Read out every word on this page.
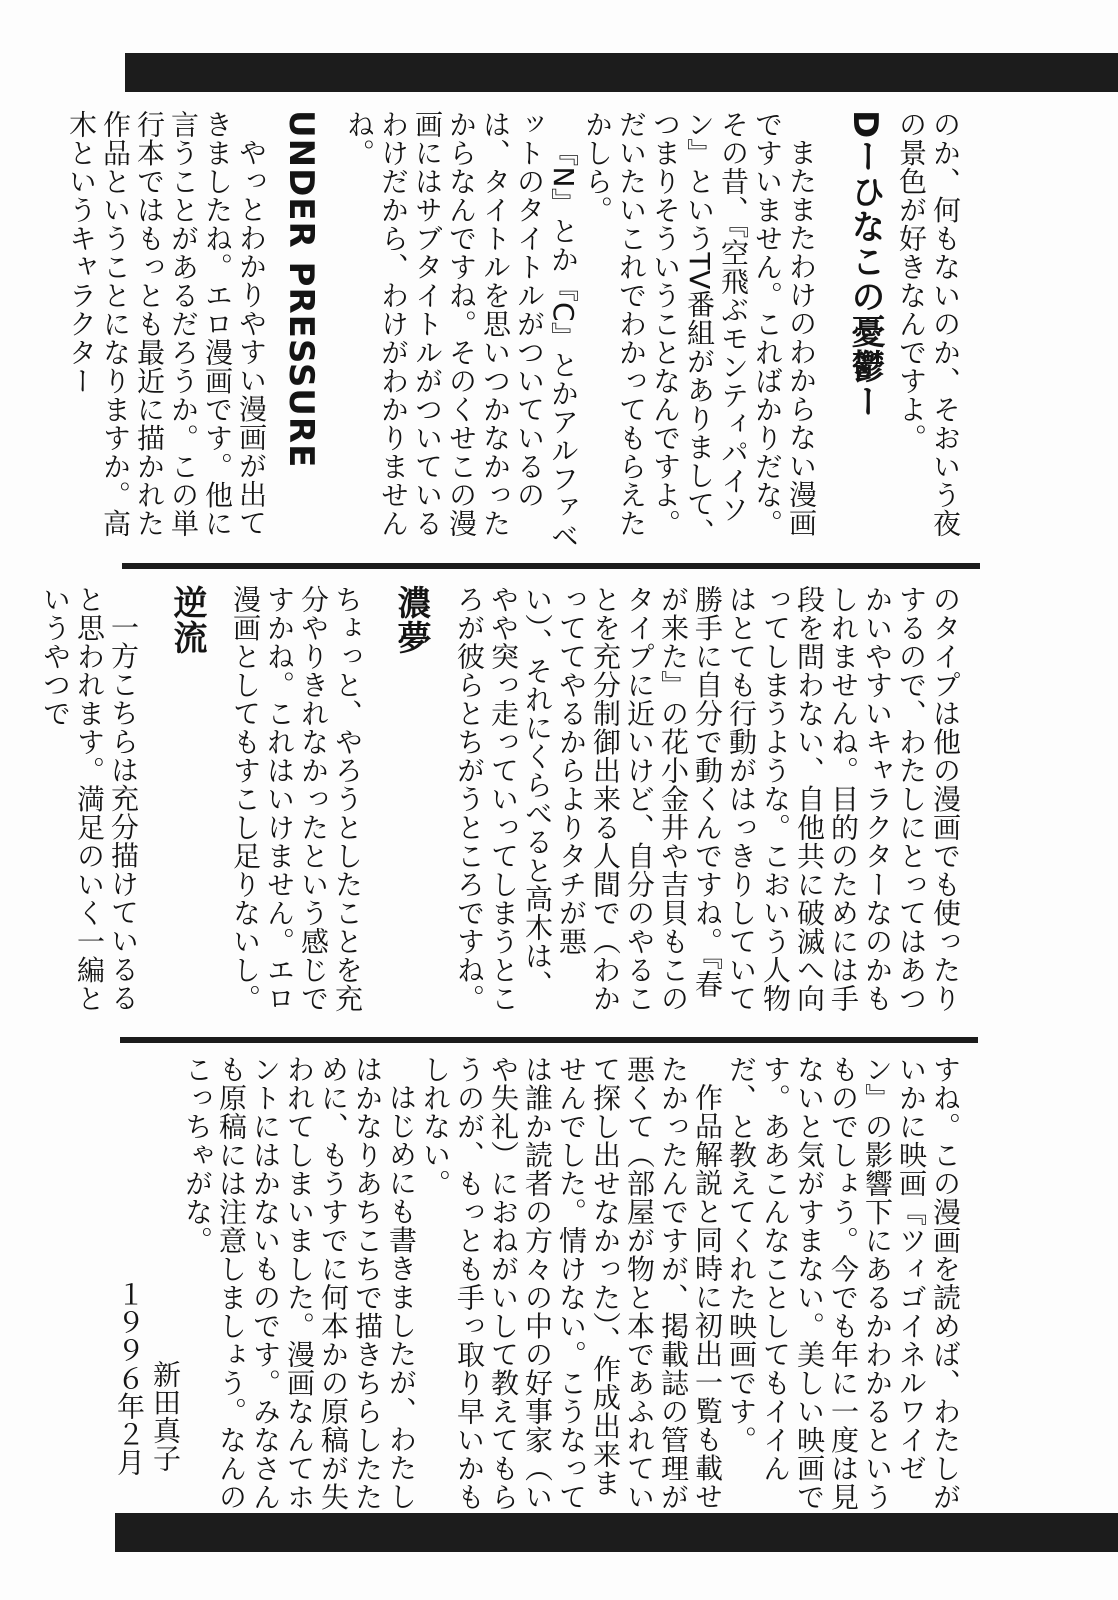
のか、何もないのか、そおいう夜の景色が好きなんですよ。

Dーひなこの憂鬱ー

またまたわけのわからない漫画ですいません。こればかりだな。その昔、『空飛ぶモンティパイソン』というTV番組がありまして、つまりそういうことなんですよ。だいたいこれでわかってもらえたかしら。

『N』とか『C』とかアルファベットのタイトルがついているのは、タイトルを思いつかなかったからなんですね。そのくせこの漫画にはサブタイトルがついているわけだから、わけがわかりませんね。

UNDER PRESSURE

やっとわかりやすい漫画が出てきましたね。エロ漫画です。他に言うことがあるだろうか。この単行本ではもっとも最近に描かれた作品ということになりますか。高木というキャラクター

のタイプは他の漫画でも使ったりするので、わたしにとってはあつかいやすいキャラクターなのかもしれませんね。目的のためには手段を問わない、自他共に破滅へ向ってしまうような。こおいう人物はとても行動がはっきりしていて勝手に自分で動くんですね。『春が来た』の花小金井や吉貝もこのタイプに近いけど、自分のやることを充分制御出来る人間で（わかっててやるからよりタチが悪い）、それにくらべると高木は、やや突っ走っていってしまうところが彼らとちがうところですね。

濃夢

ちょっと、やろうとしたことを充分やりきれなかったという感じですかね。これはいけません。エロ漫画としてもすこし足りないし。

逆流

一方こちらは充分描けているると思われます。満足のいく一編というやつで

すね。この漫画を読めば、わたしがいかに映画『ツィゴイネルワイゼン』の影響下にあるかわかるというものでしょう。今でも年に一度は見ないと気がすまない。美しい映画です。ああこんなことしてもイイんだ、と教えてくれた映画です。

作品解説と同時に初出一覧も載せたかったんですが、掲載誌の管理が悪くて（部屋が物と本であふれていて探し出せなかった）、作成出来ませんでした。情けない。こうなっては誰か読者の方々の中の好事家（いや失礼）におねがいして教えてもらうのが、もっとも手っ取り早いかもしれない。

はじめにも書きましたが、わたしはかなりあちこちで描きちらしたために、もうすでに何本かの原稿が失われてしまいました。漫画なんてホントにはかないものです。みなさんも原稿には注意しましょう。なんのこっちゃがな。

新田真子
１９９６年２月
